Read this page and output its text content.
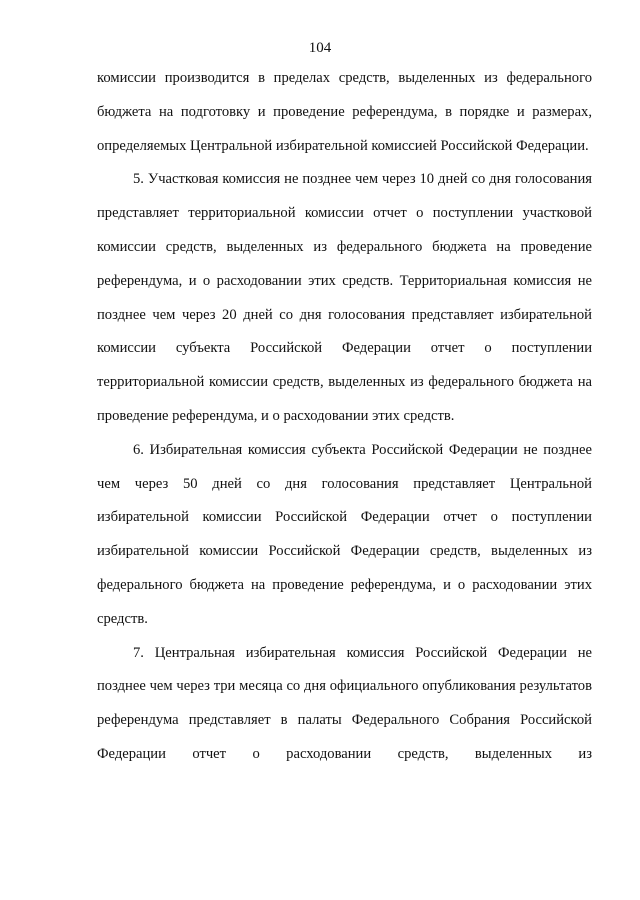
104

комиссии производится в пределах средств, выделенных из федерального бюджета на подготовку и проведение референдума, в порядке и размерах, определяемых Центральной избирательной комиссией Российской Федерации.

5. Участковая комиссия не позднее чем через 10 дней со дня голосования представляет территориальной комиссии отчет о поступлении участковой комиссии средств, выделенных из федерального бюджета на проведение референдума, и о расходовании этих средств. Территориальная комиссия не позднее чем через 20 дней со дня голосования представляет избирательной комиссии субъекта Российской Федерации отчет о поступлении территориальной комиссии средств, выделенных из федерального бюджета на проведение референдума, и о расходовании этих средств.

6. Избирательная комиссия субъекта Российской Федерации не позднее чем через 50 дней со дня голосования представляет Центральной избирательной комиссии Российской Федерации отчет о поступлении избирательной комиссии Российской Федерации средств, выделенных из федерального бюджета на проведение референдума, и о расходовании этих средств.

7. Центральная избирательная комиссия Российской Федерации не позднее чем через три месяца со дня официального опубликования результатов референдума представляет в палаты Федерального Собрания Российской Федерации отчет о расходовании средств, выделенных из
